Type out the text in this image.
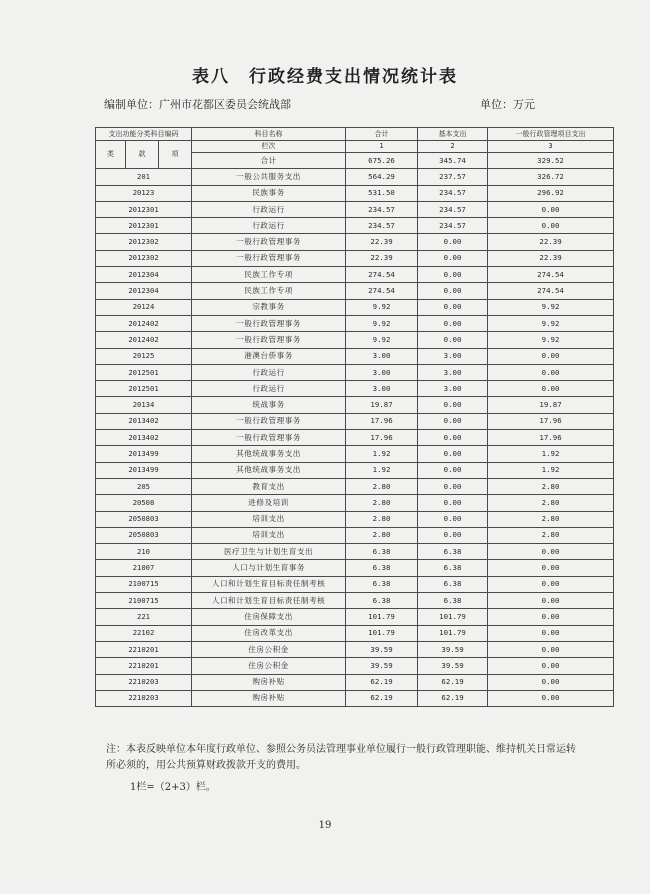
表八　行政经费支出情况统计表
编制单位：广州市花都区委员会统战部	单位：万元
支出功能分类科目编码			科目名称	合计	基本支出	一般行政管理项目支出
类	款	项		1	2	3
			栏次			
			合计	675.26	345.74	329.52
201			一般公共服务支出	564.29	237.57	326.72
20123			民族事务	531.50	234.57	296.92
2012301			行政运行	234.57	234.57	0.00
2012301			行政运行	234.57	234.57	0.00
2012302			一般行政管理事务	22.39	0.00	22.39
2012302			一般行政管理事务	22.39	0.00	22.39
2012304			民族工作专项	274.54	0.00	274.54
2012304			民族工作专项	274.54	0.00	274.54
20124			宗教事务	9.92	0.00	9.92
2012402			一般行政管理事务	9.92	0.00	9.92
2012402			一般行政管理事务	9.92	0.00	9.92
20125			港澳台侨事务	3.00	3.00	0.00
2012501			行政运行	3.00	3.00	0.00
2012501			行政运行	3.00	3.00	0.00
20134			统战事务	19.87	0.00	19.87
2013402			一般行政管理事务	17.96	0.00	17.96
2013402			一般行政管理事务	17.96	0.00	17.96
2013499			其他统战事务支出	1.92	0.00	1.92
2013499			其他统战事务支出	1.92	0.00	1.92
205			教育支出	2.80	0.00	2.80
20508			进修及培训	2.80	0.00	2.80
2050803			培训支出	2.80	0.00	2.80
2050803			培训支出	2.80	0.00	2.80
210			医疗卫生与计划生育支出	6.38	6.38	0.00
21007			人口与计划生育事务	6.38	6.38	0.00
2100715			人口和计划生育目标责任制考核	6.38	6.38	0.00
2100715			人口和计划生育目标责任制考核	6.38	6.38	0.00
221			住房保障支出	101.79	101.79	0.00
22102			住房改革支出	101.79	101.79	0.00
2210201			住房公积金	39.59	39.59	0.00
2210201			住房公积金	39.59	39.59	0.00
2210203			购房补贴	62.19	62.19	0.00
2210203			购房补贴	62.19	62.19	0.00
注：本表反映单位本年度行政单位、参照公务员法管理事业单位履行一般行政管理职能、维持机关日常运转所必须的，用公共预算财政拨款开支的费用。
1栏=（2+3）栏。
19
